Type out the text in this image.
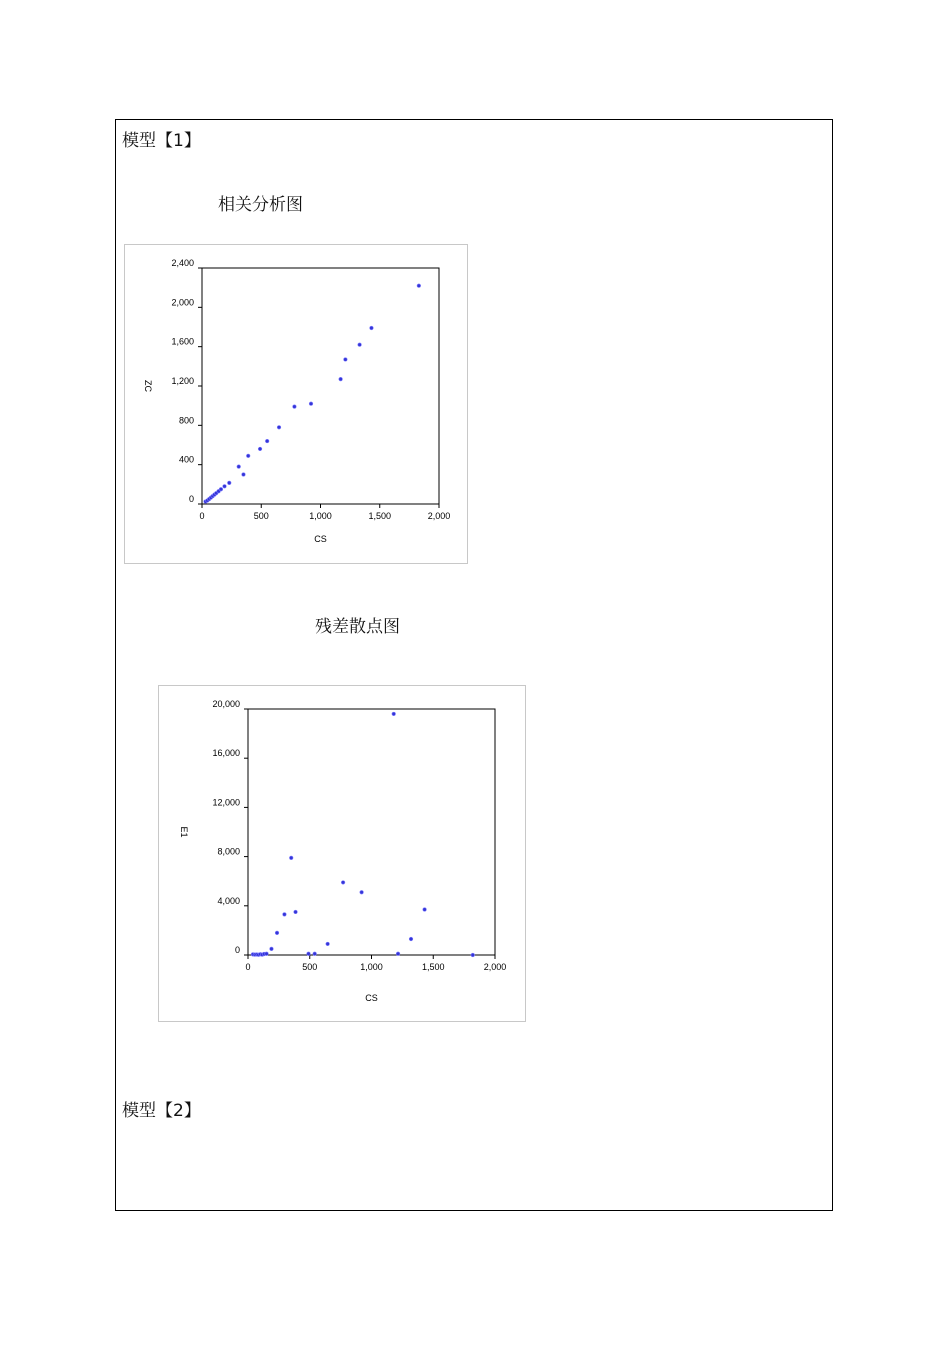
模型【1】
相关分析图
0	500	1,000	1,500	2,000
0
400
800
1,200
1,600
2,000
2,400
CS
ZC
残差散点图
0	500	1,000	1,500	2,000
0
4,000
8,000
12,000
16,000
20,000
CS
E1
模型【2】
